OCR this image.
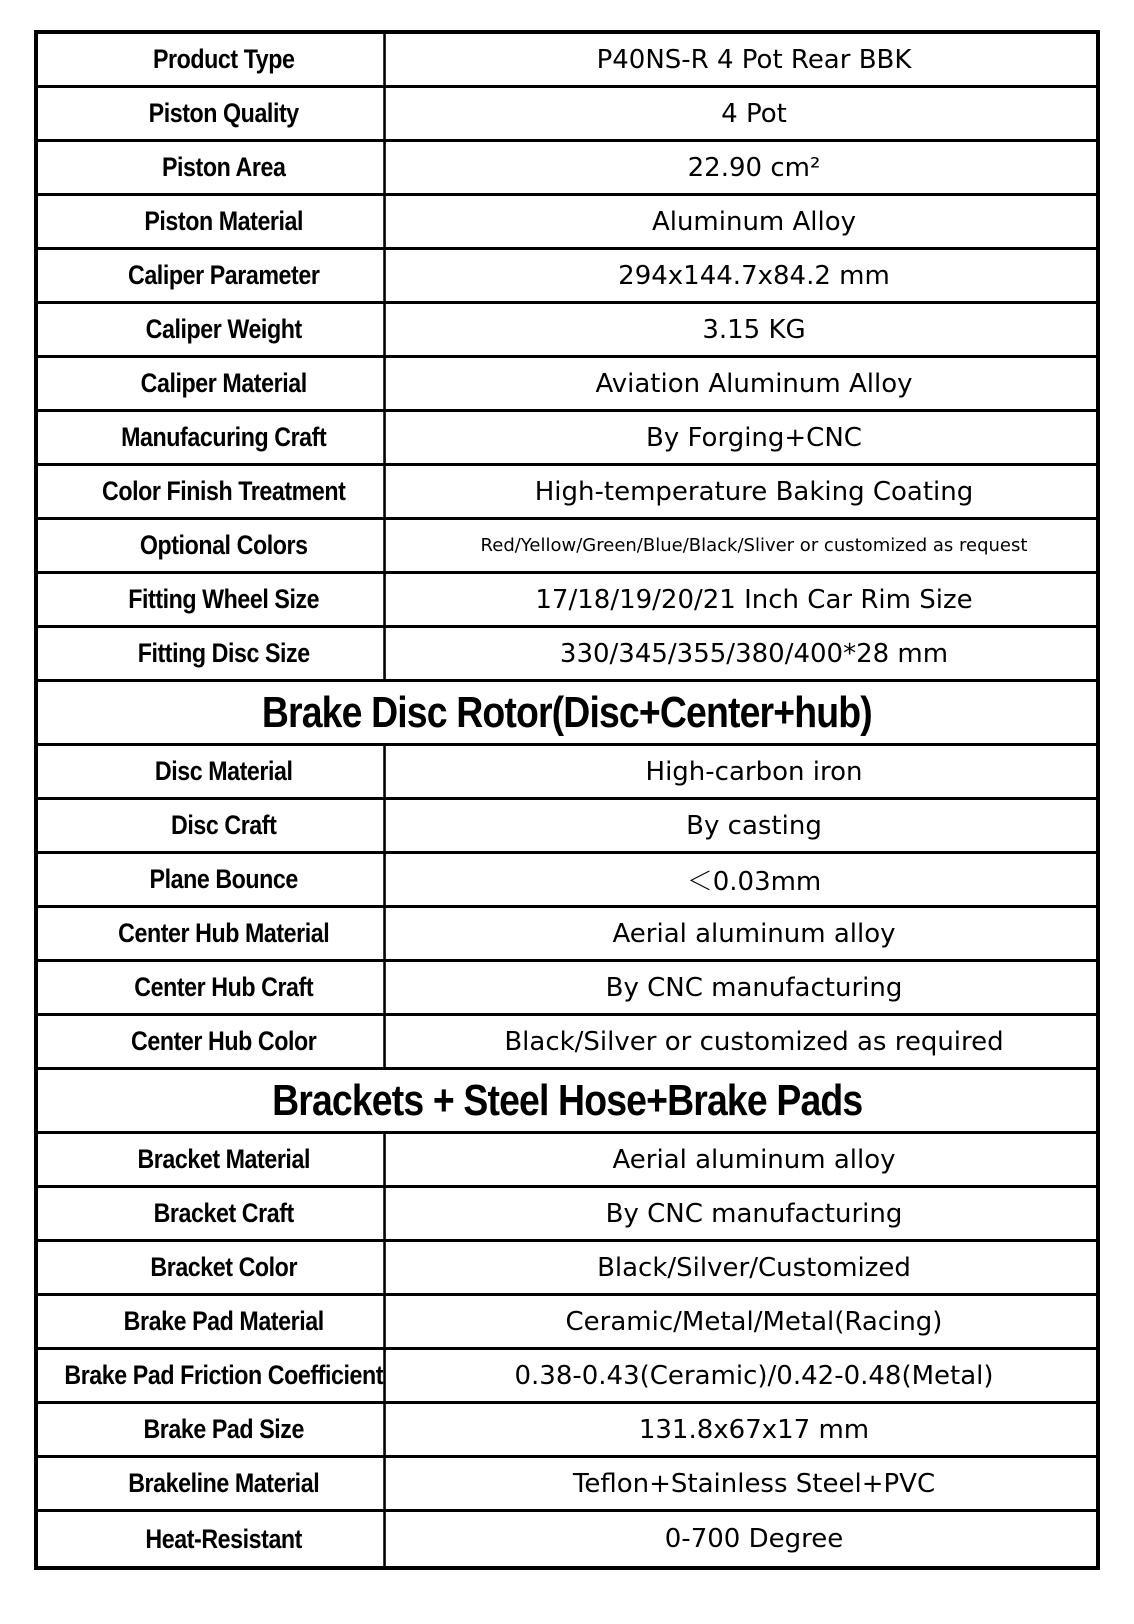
Product Type	P40NS-R 4 Pot Rear BBK
Piston Quality	4 Pot
Piston Area	22.90 cm²
Piston Material	Aluminum Alloy
Caliper Parameter	294x144.7x84.2 mm
Caliper Weight	3.15 KG
Caliper Material	Aviation Aluminum Alloy
Manufacuring Craft	By Forging+CNC
Color Finish Treatment	High-temperature Baking Coating
Optional Colors	Red/Yellow/Green/Blue/Black/Sliver or customized as request
Fitting Wheel Size	17/18/19/20/21 Inch Car Rim Size
Fitting Disc Size	330/345/355/380/400*28 mm
Brake Disc Rotor(Disc+Center+hub)
Disc Material	High-carbon iron
Disc Craft	By casting
Plane Bounce	＜0.03mm
Center Hub Material	Aerial aluminum alloy
Center Hub Craft	By CNC manufacturing
Center Hub Color	Black/Silver or customized as required
Brackets + Steel Hose+Brake Pads
Bracket Material	Aerial aluminum alloy
Bracket Craft	By CNC manufacturing
Bracket Color	Black/Silver/Customized
Brake Pad Material	Ceramic/Metal/Metal(Racing)
Brake Pad Friction Coefficient	0.38-0.43(Ceramic)/0.42-0.48(Metal)
Brake Pad Size	131.8x67x17 mm
Brakeline Material	Teflon+Stainless Steel+PVC
Heat-Resistant	0-700 Degree
